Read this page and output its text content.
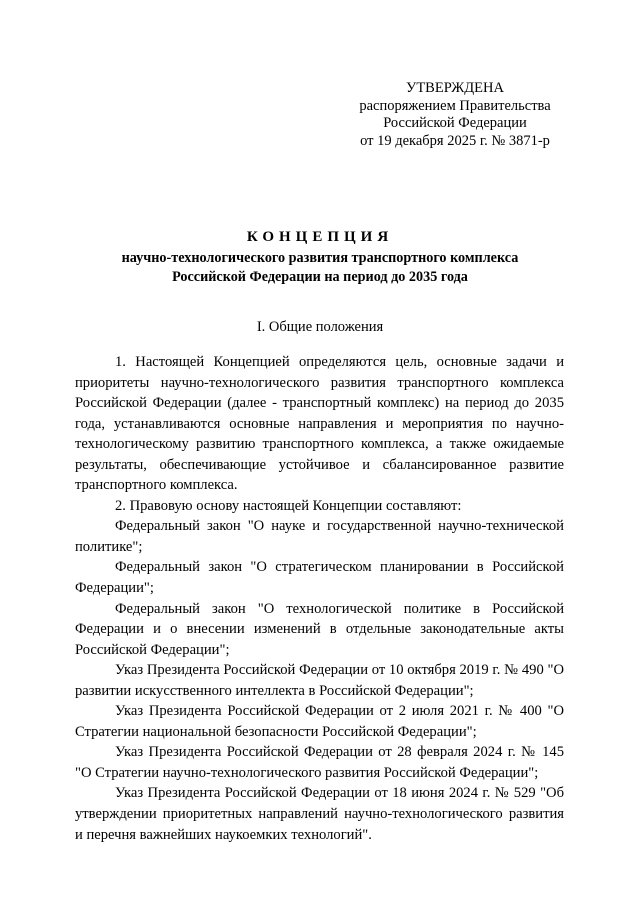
УТВЕРЖДЕНА
распоряжением Правительства
Российской Федерации
от 19 декабря 2025 г. № 3871-р
КОНЦЕПЦИЯ
научно-технологического развития транспортного комплекса
Российской Федерации на период до 2035 года
I. Общие положения

1. Настоящей Концепцией определяются цель, основные задачи и приоритеты научно-технологического развития транспортного комплекса Российской Федерации (далее - транспортный комплекс) на период до 2035 года, устанавливаются основные направления и мероприятия по научно-технологическому развитию транспортного комплекса, а также ожидаемые результаты, обеспечивающие устойчивое и сбалансированное развитие транспортного комплекса.

2. Правовую основу настоящей Концепции составляют:

Федеральный закон "О науке и государственной научно-технической политике";

Федеральный закон "О стратегическом планировании в Российской Федерации";

Федеральный закон "О технологической политике в Российской Федерации и о внесении изменений в отдельные законодательные акты Российской Федерации";

Указ Президента Российской Федерации от 10 октября 2019 г. № 490 "О развитии искусственного интеллекта в Российской Федерации";

Указ Президента Российской Федерации от 2 июля 2021 г. № 400 "О Стратегии национальной безопасности Российской Федерации";

Указ Президента Российской Федерации от 28 февраля 2024 г. № 145 "О Стратегии научно-технологического развития Российской Федерации";

Указ Президента Российской Федерации от 18 июня 2024 г. № 529 "Об утверждении приоритетных направлений научно-технологического развития и перечня важнейших наукоемких технологий".
